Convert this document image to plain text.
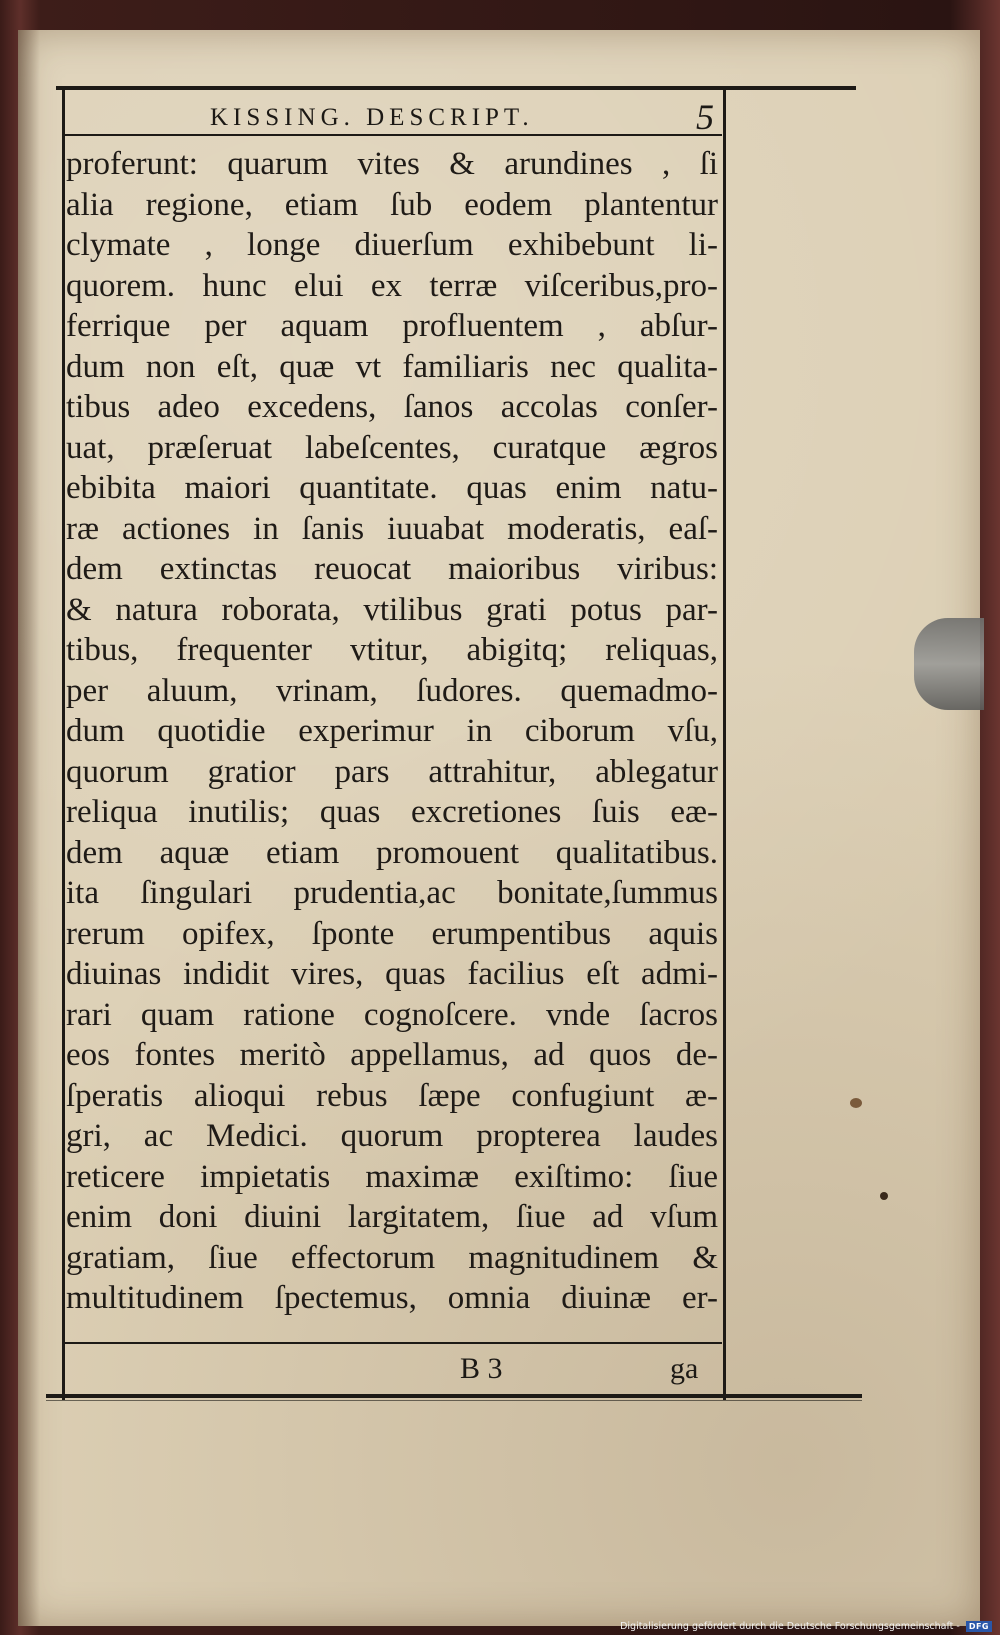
KISSING. DESCRIPT.	5
proferunt: quarum vites & arundines , ſi
alia regione, etiam ſub eodem plantentur
clymate , longe diuerſum exhibebunt li-
quorem. hunc elui ex terræ viſceribus,pro-
ferrique per aquam profluentem , abſur-
dum non eſt, quæ vt familiaris nec qualita-
tibus adeo excedens, ſanos accolas conſer-
uat, præſeruat labeſcentes, curatque ægros
ebibita maiori quantitate. quas enim natu-
ræ actiones in ſanis iuuabat moderatis, eaſ-
dem extinctas reuocat maioribus viribus:
& natura roborata, vtilibus grati potus par-
tibus, frequenter vtitur, abigitq; reliquas,
per aluum, vrinam, ſudores. quemadmo-
dum quotidie experimur in ciborum vſu,
quorum gratior pars attrahitur, ablegatur
reliqua inutilis; quas excretiones ſuis eæ-
dem aquæ etiam promouent qualitatibus.
ita ſingulari prudentia,ac bonitate,ſummus
rerum opifex, ſponte erumpentibus aquis
diuinas indidit vires, quas facilius eſt admi-
rari quam ratione cognoſcere. vnde ſacros
eos fontes meritò appellamus, ad quos de-
ſperatis alioqui rebus ſæpe confugiunt æ-
gri, ac Medici. quorum propterea laudes
reticere impietatis maximæ exiſtimo: ſiue
enim doni diuini largitatem, ſiue ad vſum
gratiam, ſiue effectorum magnitudinem &
multitudinem ſpectemus, omnia diuinæ er-
B 3	ga
Digitalisierung gefördert durch die Deutsche Forschungsgemeinschaft -	DFG
